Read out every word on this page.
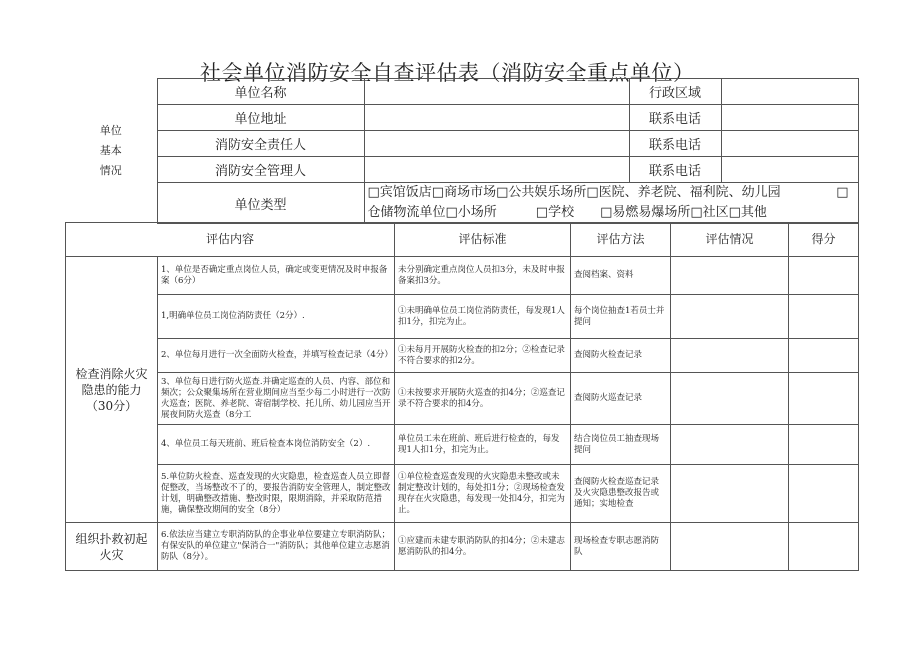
社会单位消防安全自查评估表（消防安全重点单位）
单位
基本
情况	单位名称		行政区域	
	单位地址		联系电话	
	消防安全责任人		联系电话	
	消防安全管理人		联系电话	
	单位类型	□宾馆饭店□商场市场□公共娱乐场所□医院、养老院、福利院、幼儿园 □
仓储物流单位□小场所　　　□学校　　□易燃易爆场所□社区□其他		
评估内容		评估标准	评估方法	评估情况	得分
检查消除火灾隐患的能力（30分）	1、单位是否确定重点岗位人员，确定或变更情况及时申报备案（6分）	未分别确定重点岗位人员扣3分，未及时申报备案扣3分。	查阅档案、资料		
	1,明确单位员工岗位消防责任（2分）.	①未明确单位员工岗位消防责任，每发现1人扣1分，扣完为止。	每个岗位抽查1若员士并提问		
	2、单位每月进行一次全面防火检查，并填写检查记录（4分）	①未每月开展防火检查的扣2分；②检查记录不符合要求的扣2分。	查阅防火检查记录		
	3、单位每日进行防火巡查.并确定巡查的人员、内容、部位和频次；公众聚集场所在营业期间应当至少每二小时进行一次防火巡查；医院、养老院、寄宿制学校、托儿所、幼儿园应当开展夜间防火巡查（8分工	①未按要求开展防火巡查的扣4分；②巡查记录不符合要求的扣4分。	查阅防火巡查记录		
	4、单位员工每天班前、班后检查本岗位消防安全（2）.	单位员工未在班前、班后进行检查的，每发现1人扣1分，扣完为止。	结合岗位员工抽查现场提问		
	5.单位防火检查、巡查发现的火灾隐患，检查巡查人员立即督促整改，当场整改不了的，要报告消防安全管理人，制定整改计划，明确整改措施、整改时限，限期消除，并采取防范措施，确保整改期间的安全（8分）	①单位检查巡查发现的火灾隐患未整改或未制定整改计划的，每处扣1分；②现场检查发现存在火灾隐患，每发现一处扣4分，扣完为止。	查阅防火检查巡查记录及火灾隐患整改报告或通知；实地检查		
组织扑救初起火灾	6.依法应当建立专职消防队的企事业单位要建立专职消防队；有保安队的单位建立"保消合一"消防队；其他单位建立志愿消防队（8分）。	①应建而未建专职消防队的扣4分；②未建志愿消防队的扣4分。	现场检查专职志愿消防队		
